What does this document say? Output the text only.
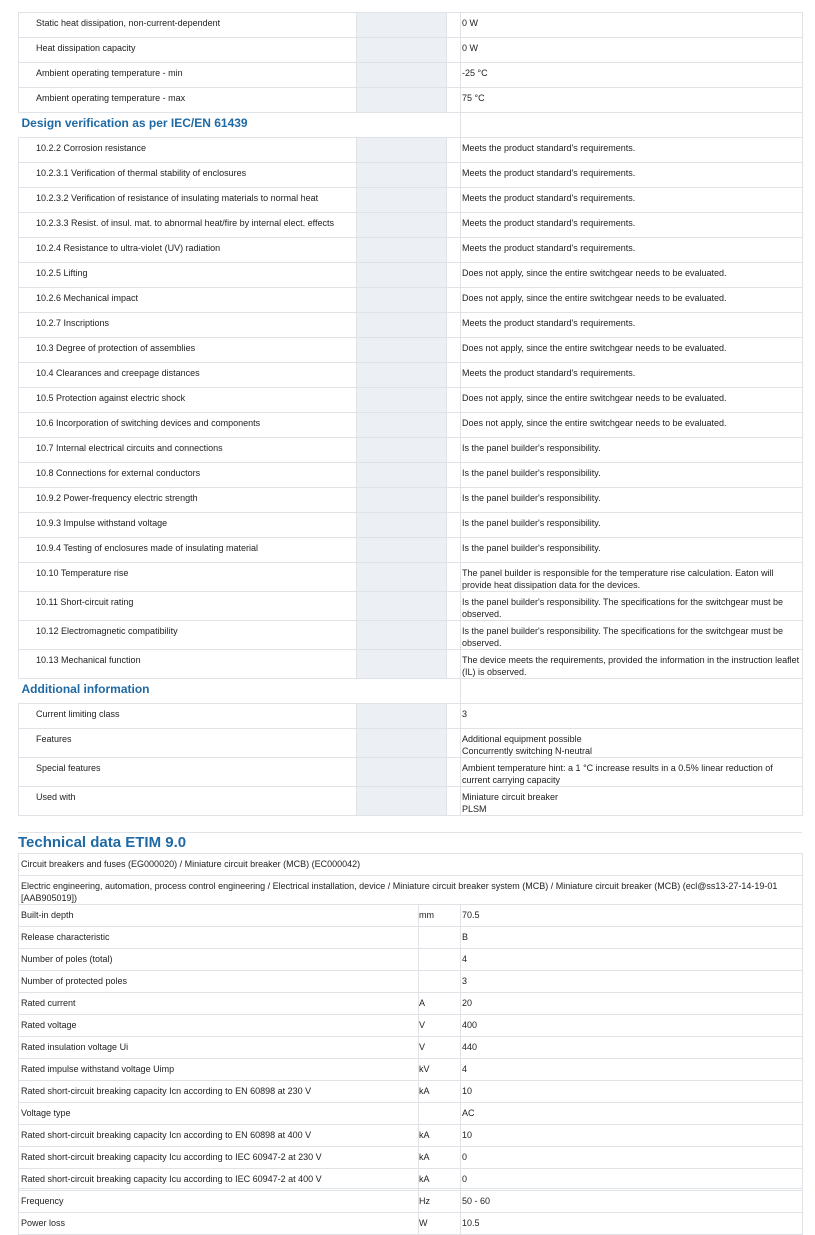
Static heat dissipation, non-current-dependent			0 W
Heat dissipation capacity			0 W
Ambient operating temperature - min			-25 °C
Ambient operating temperature - max			75 °C
Design verification as per IEC/EN 61439			
10.2.2 Corrosion resistance			Meets the product standard's requirements.
10.2.3.1 Verification of thermal stability of enclosures			Meets the product standard's requirements.
10.2.3.2 Verification of resistance of insulating materials to normal heat			Meets the product standard's requirements.
10.2.3.3 Resist. of insul. mat. to abnormal heat/fire by internal elect. effects			Meets the product standard's requirements.
10.2.4 Resistance to ultra-violet (UV) radiation			Meets the product standard's requirements.
10.2.5 Lifting			Does not apply, since the entire switchgear needs to be evaluated.
10.2.6 Mechanical impact			Does not apply, since the entire switchgear needs to be evaluated.
10.2.7 Inscriptions			Meets the product standard's requirements.
10.3 Degree of protection of assemblies			Does not apply, since the entire switchgear needs to be evaluated.
10.4 Clearances and creepage distances			Meets the product standard's requirements.
10.5 Protection against electric shock			Does not apply, since the entire switchgear needs to be evaluated.
10.6 Incorporation of switching devices and components			Does not apply, since the entire switchgear needs to be evaluated.
10.7 Internal electrical circuits and connections			Is the panel builder's responsibility.
10.8 Connections for external conductors			Is the panel builder's responsibility.
10.9.2 Power-frequency electric strength			Is the panel builder's responsibility.
10.9.3 Impulse withstand voltage			Is the panel builder's responsibility.
10.9.4 Testing of enclosures made of insulating material			Is the panel builder's responsibility.
10.10 Temperature rise			The panel builder is responsible for the temperature rise calculation. Eaton will provide heat dissipation data for the devices.
10.11 Short-circuit rating			Is the panel builder's responsibility. The specifications for the switchgear must be observed.
10.12 Electromagnetic compatibility			Is the panel builder's responsibility. The specifications for the switchgear must be observed.
10.13 Mechanical function			The device meets the requirements, provided the information in the instruction leaflet (IL) is observed.
Additional information			
Current limiting class			3
Features			Additional equipment possible
Concurrently switching N-neutral

Special features			Ambient temperature hint: a 1 °C increase results in a 0.5% linear reduction of current carrying capacity
Used with			Miniature circuit breaker
PLSM
Technical data ETIM 9.0
Circuit breakers and fuses (EG000020) / Miniature circuit breaker (MCB) (EC000042)		
Electric engineering, automation, process control engineering / Electrical installation, device / Miniature circuit breaker system (MCB) / Miniature circuit breaker (MCB) (ecl@ss13-27-14-19-01 [AAB905019])		
Built-in depth	mm	70.5
Release characteristic		B
Number of poles (total)		4
Number of protected poles		3
Rated current	A	20
Rated voltage	V	400
Rated insulation voltage Ui	V	440
Rated impulse withstand voltage Uimp	kV	4
Rated short-circuit breaking capacity Icn according to EN 60898 at 230 V	kA	10
Voltage type		AC
Rated short-circuit breaking capacity Icn according to EN 60898 at 400 V	kA	10
Rated short-circuit breaking capacity Icu according to IEC 60947-2 at 230 V	kA	0
Rated short-circuit breaking capacity Icu according to IEC 60947-2 at 400 V	kA	0
Frequency	Hz	50 - 60
Power loss	W	10.5
